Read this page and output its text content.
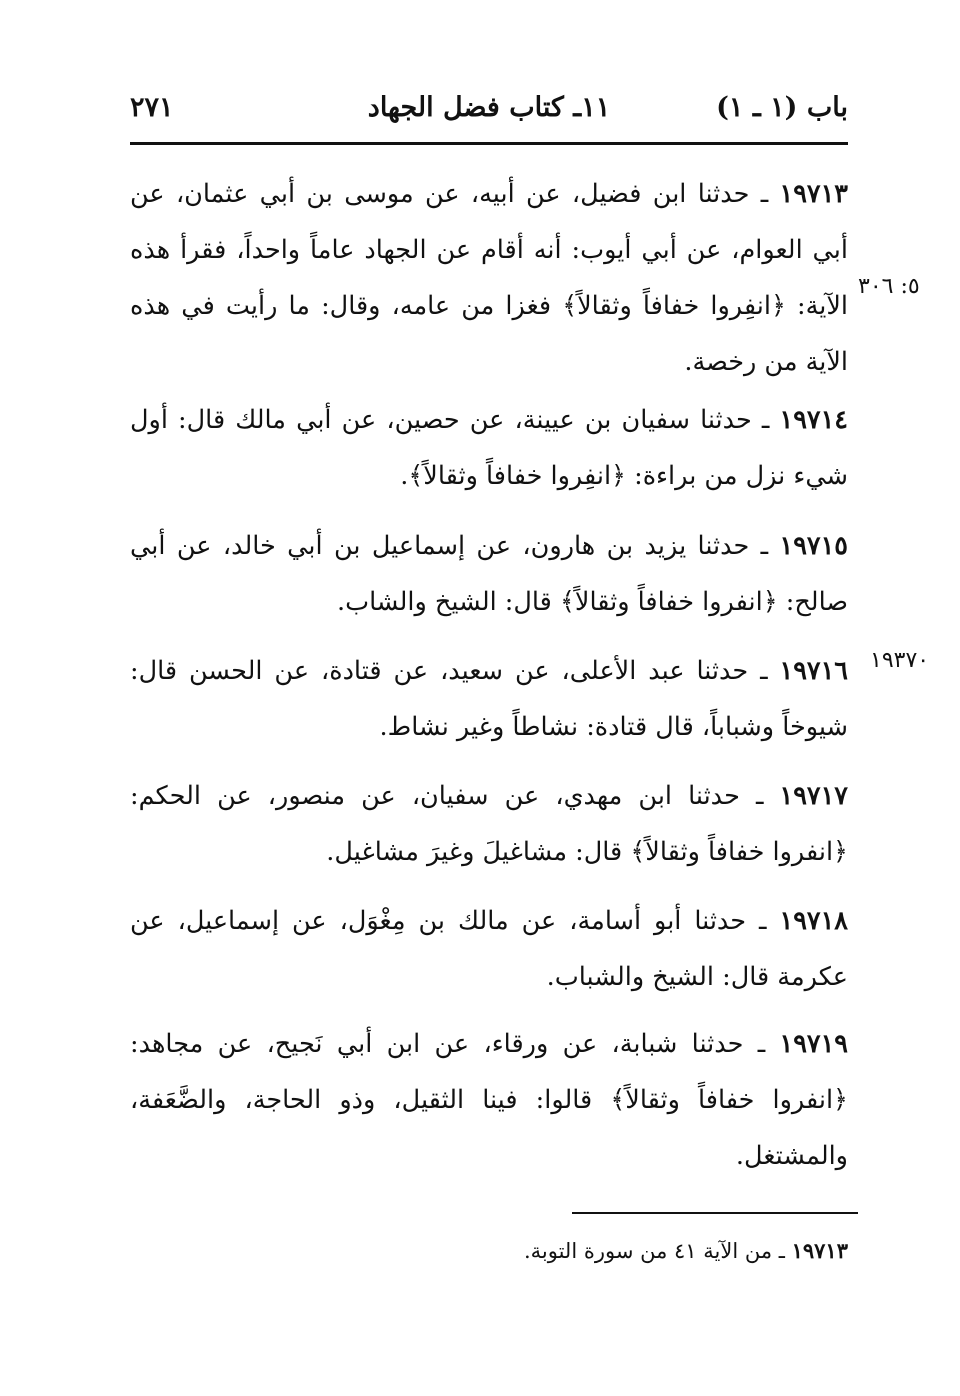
باب (١ ـ ١)
١١ـ كتاب فضل الجهاد
٢٧١
١٩٧١٣ ـ حدثنا ابن فضيل، عن أبيه، عن موسى بن أبي عثمان، عن أبي العوام، عن أبي أيوب: أنه أقام عن الجهاد عاماً واحداً، فقرأ هذه الآية: ﴿انفِروا خفافاً وثقالاً﴾ فغزا من عامه، وقال: ما رأيت في هذه الآية من رخصة.
٥: ٣٠٦
١٩٧١٤ ـ حدثنا سفيان بن عيينة، عن حصين، عن أبي مالك قال: أول شيء نزل من براءة: ﴿انفِروا خفافاً وثقالاً﴾.
١٩٧١٥ ـ حدثنا يزيد بن هارون، عن إسماعيل بن أبي خالد، عن أبي صالح: ﴿انفروا خفافاً وثقالاً﴾ قال: الشيخ والشاب.
١٩٧١٦ ـ حدثنا عبد الأعلى، عن سعيد، عن قتادة، عن الحسن قال: شيوخاً وشباباً، قال قتادة: نشاطاً وغير نشاط.
١٩٣٧٠
١٩٧١٧ ـ حدثنا ابن مهدي، عن سفيان، عن منصور، عن الحكم: ﴿انفروا خفافاً وثقالاً﴾ قال: مشاغيلَ وغيرَ مشاغيل.
١٩٧١٨ ـ حدثنا أبو أسامة، عن مالك بن مِغْوَل، عن إسماعيل، عن عكرمة قال: الشيخ والشباب.
١٩٧١٩ ـ حدثنا شبابة، عن ورقاء، عن ابن أبي نَجيح، عن مجاهد: ﴿انفروا خفافاً وثقالاً﴾ قالوا: فينا الثقيل، وذو الحاجة، والضَّعَفة، والمشتغل.
١٩٧١٣ ـ من الآية ٤١ من سورة التوبة.
